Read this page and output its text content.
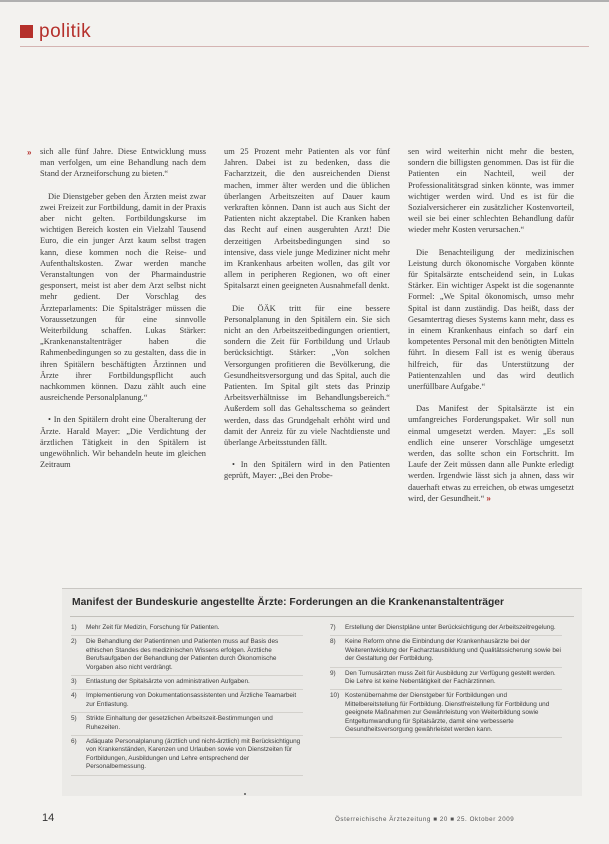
politik
» sich alle fünf Jahre. Diese Entwicklung muss man verfolgen, um eine Behandlung nach dem Stand der Arzneiforschung zu bieten.“

Die Dienstgeber geben den Ärzten meist zwar zwei Freizeit zur Fortbildung, damit in der Praxis aber nicht gelten. Fortbildungskurse im wichtigen Bereich kosten ein Vielzahl Tausend Euro, die ein junger Arzt kaum selbst tragen kann, diese kommen noch die Reise- und Aufenthaltskosten. Zwar werden manche Veranstaltungen von der Pharmaindustrie gesponsert, meist ist aber dem Arzt selbst nicht mehr gedient. Der Vorschlag des Ärzteparlaments: Die Spitalsträger müssen die Voraussetzungen für eine sinnvolle Weiterbildung schaffen. Lukas Stärker: „Krankenanstaltenträger haben die Rahmenbedingungen so zu gestalten, dass die in ihren Spitälern beschäftigten Ärztinnen und Ärzte ihrer Fortbildungspflicht auch nachkommen können. Dazu zählt auch eine ausreichende Personalplanung.“

• In den Spitälern droht eine Überalterung der Ärzte. Harald Mayer: „Die Verdichtung der ärztlichen Tätigkeit in den Spitälern ist ungewöhnlich. Wir behandeln heute im gleichen Zeitraum

um 25 Prozent mehr Patienten als vor fünf Jahren. Dabei ist zu bedenken, dass die Facharztzeit, die den ausreichenden Dienst machen, immer älter werden und die üblichen überlangen Arbeitszeiten auf Dauer kaum verkraften können. Dann ist auch aus Sicht der Patienten nicht akzeptabel. Die Kranken haben das Recht auf einen ausgeruhten Arzt! Die derzeitigen Arbeitsbedingungen sind so intensive, dass viele junge Mediziner nicht mehr im Krankenhaus arbeiten wollen, das gilt vor allem in peripheren Regionen, wo oft einer Spitalsarzt einen geeigneten Ausnahmefall denkt.

Die ÖÄK tritt für eine bessere Personalplanung in den Spitälern ein. Sie sich nicht an den Arbeitszeitbedingungen orientiert, sondern die Zeit für Fortbildung und Urlaub berücksichtigt. Stärker: „Von solchen Versorgungen profitieren die Bevölkerung, die Gesundheitsversorgung und das Spital, auch die Patienten. Im Spital gilt stets das Prinzip Arbeitsverhältnisse im Behandlungsbereich.“ Außerdem soll das Gehaltsschema so geändert werden, dass das Grundgehalt erhöht wird und damit der Anreiz für zu viele Nachtdienste und überlange Arbeitsstunden fällt.

• In den Spitälern wird in den Patienten geprüft, Mayer: „Bei den Probe-

sen wird weiterhin nicht mehr die besten, sondern die billigsten genommen. Das ist für die Patienten ein Nachteil, weil der Professionalitätsgrad sinken könnte, was immer wichtiger werden wird. Und es ist für die Sozialversicherer ein zusätzlicher Kostenvorteil, weil sie bei einer schlechten Behandlung dafür wieder mehr Kosten verursachen.“

Die Benachteiligung der medizinischen Leistung durch ökonomische Vorgaben könnte für Spitalsärzte entscheidend sein, in Lukas Stärker. Ein wichtiger Aspekt ist die sogenannte Formel: „We Spital ökonomisch, umso mehr Spital ist dann zuständig. Das heißt, dass der Gesamtertrag dieses Systems kann mehr, dass es in einem Krankenhaus einfach so darf ein kompetentes Personal mit den benötigten Mitteln führt. In diesem Fall ist es wenig überaus hilfreich, für das Unterstützung der Patientenzahlen und das wird deutlich unerfüllbare Aufgabe.“

Das Manifest der Spitalsärzte ist ein umfangreiches Forderungspaket. Wir soll nun einmal umgesetzt werden. Mayer: „Es soll endlich eine unserer Vorschläge umgesetzt werden, das sollte schon ein Fortschritt. Im Laufe der Zeit müssen dann alle Punkte erledigt werden. Irgendwie lässt sich ja ahnen, dass wir dauerhaft etwas zu erreichen, ob etwas umgesetzt wird, der Gesundheit.“ »

Manifest der Bundeskurie angestellte Ärzte: Forderungen an die Krankenanstaltenträger
1)	Mehr Zeit für Medizin, Forschung für Patienten.
2)	Die Behandlung der Patientinnen und Patienten muss auf Basis des ethischen Standes des medizinischen Wissens erfolgen. Ärztliche Berufsaufgaben der Behandlung der Patienten durch Ökonomische Vorgaben also nicht verdrängt.
3)	Entlastung der Spitalsärzte von administrativen Aufgaben.
4)	Implementierung von Dokumentationsassistenten und Ärzliche Teamarbeit zur Entlastung.
5)	Strikte Einhaltung der gesetzlichen Arbeitszeit-Bestimmungen und Ruhezeiten.
6)	Adäquate Personalplanung (ärztlich und nicht-ärztlich) mit Berücksichtigung von Krankenständen, Karenzen und Urlauben sowie von Dienstzeiten für Fortbildungen, Ausbildungen und Lehre entsprechend der Personalbemessung.
7)	Erstellung der Dienstpläne unter Berücksichtigung der Arbeitszeitregelung.
8)	Keine Reform ohne die Einbindung der Krankenhausärzte bei der Weiterentwicklung der Facharztausbildung und Qualitätssicherung sowie bei der Gestaltung der Fortbildung.
9)	Den Turnusärzten muss Zeit für Ausbildung zur Verfügung gestellt werden. Die Lehre ist keine Nebentätigkeit der Fachärztinnen.
10) Kostenübernahme der Dienstgeber für Fortbildungen und Mittelbereitstellung für Fortbildung. Dienstfreistellung für Fortbildung und geeignete Maßnahmen zur Gewährleistung von Weiterbildung sowie Entgeltumwandlung für Spitalsärzte, damit eine verbesserte Gesundheitsversorgung gewährleistet werden kann.
14	Österreichische Ärztezeitung ■ 20 ■ 25. Oktober 2009
